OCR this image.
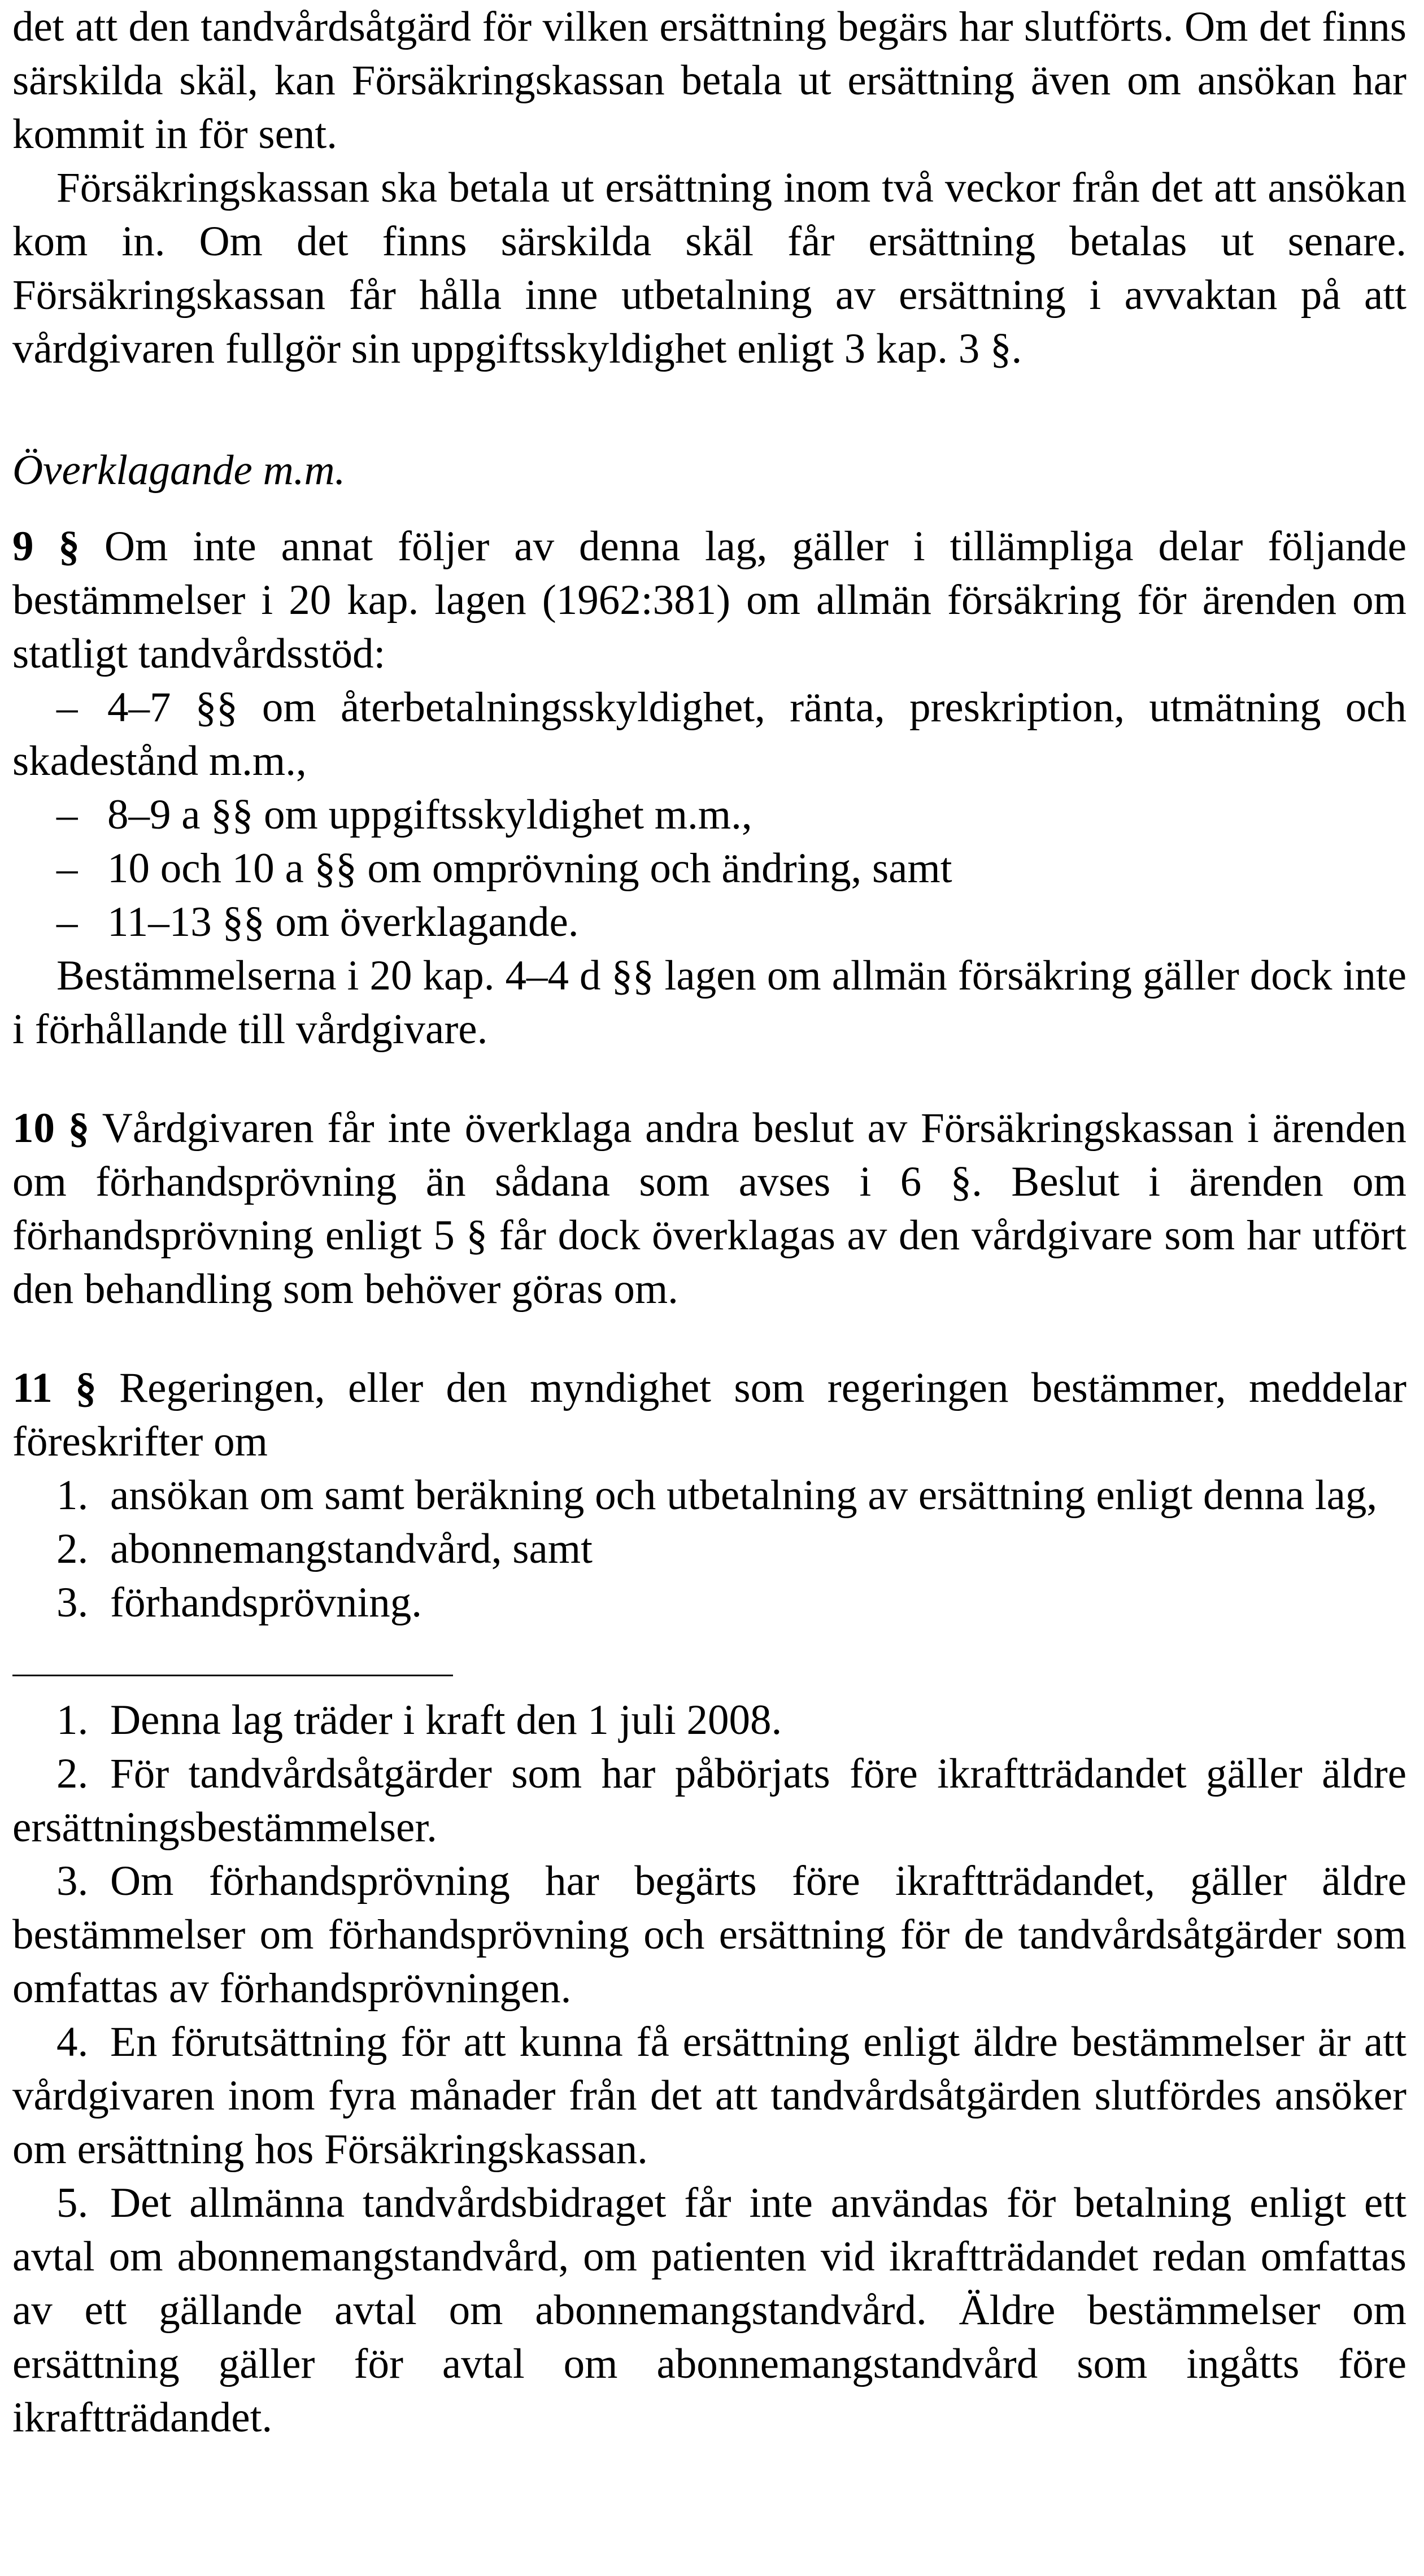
det att den tandvårdsåtgärd för vilken ersättning begärs har slutförts. Om det finns särskilda skäl, kan Försäkringskassan betala ut ersättning även om ansökan har kommit in för sent.

Försäkringskassan ska betala ut ersättning inom två veckor från det att ansökan kom in. Om det finns särskilda skäl får ersättning betalas ut senare. Försäkringskassan får hålla inne utbetalning av ersättning i avvaktan på att vårdgivaren fullgör sin uppgiftsskyldighet enligt 3 kap. 3 §.

Överklagande m.m.

9 § Om inte annat följer av denna lag, gäller i tillämpliga delar följande bestämmelser i 20 kap. lagen (1962:381) om allmän försäkring för ärenden om statligt tandvårdsstöd:

– 4–7 §§ om återbetalningsskyldighet, ränta, preskription, utmätning och skadestånd m.m.,

– 8–9 a §§ om uppgiftsskyldighet m.m.,

– 10 och 10 a §§ om omprövning och ändring, samt

– 11–13 §§ om överklagande.

Bestämmelserna i 20 kap. 4–4 d §§ lagen om allmän försäkring gäller dock inte i förhållande till vårdgivare.

10 § Vårdgivaren får inte överklaga andra beslut av Försäkringskassan i ärenden om förhandsprövning än sådana som avses i 6 §. Beslut i ärenden om förhandsprövning enligt 5 § får dock överklagas av den vårdgivare som har utfört den behandling som behöver göras om.

11 § Regeringen, eller den myndighet som regeringen bestämmer, meddelar föreskrifter om

1. ansökan om samt beräkning och utbetalning av ersättning enligt denna lag,

2. abonnemangstandvård, samt

3. förhandsprövning.

1. Denna lag träder i kraft den 1 juli 2008.

2. För tandvårdsåtgärder som har påbörjats före ikraftträdandet gäller äldre ersättningsbestämmelser.

3. Om förhandsprövning har begärts före ikraftträdandet, gäller äldre bestämmelser om förhandsprövning och ersättning för de tandvårdsåtgärder som omfattas av förhandsprövningen.

4. En förutsättning för att kunna få ersättning enligt äldre bestämmelser är att vårdgivaren inom fyra månader från det att tandvårdsåtgärden slutfördes ansöker om ersättning hos Försäkringskassan.

5. Det allmänna tandvårdsbidraget får inte användas för betalning enligt ett avtal om abonnemangstandvård, om patienten vid ikraftträdandet redan omfattas av ett gällande avtal om abonnemangstandvård. Äldre bestämmelser om ersättning gäller för avtal om abonnemangstandvård som ingåtts före ikraftträdandet.
